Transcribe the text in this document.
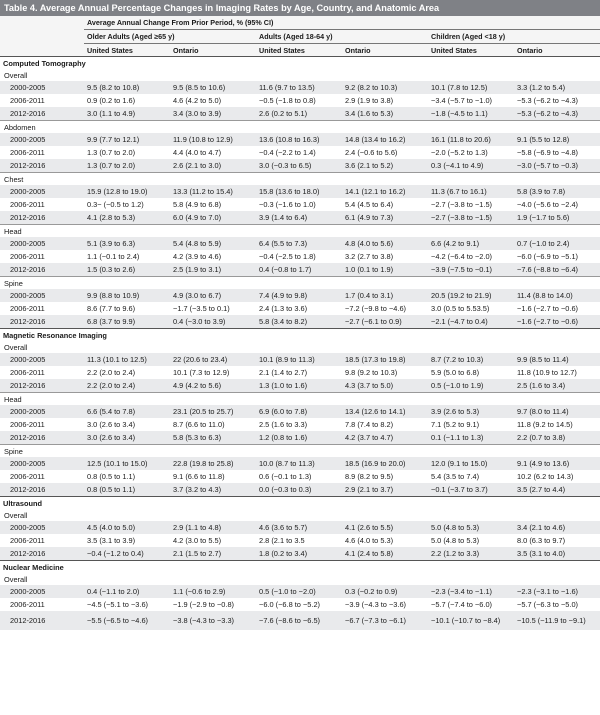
Table 4. Average Annual Percentage Changes in Imaging Rates by Age, Country, and Anatomic Area
	Average Annual Change From Prior Period, % (95% CI)					
	Older Adults (Aged ≥65 y)		Adults (Aged 18-64 y)		Children (Aged <18 y)	
	United States	Ontario	United States	Ontario	United States	Ontario
Computed Tomography						
Overall						
2000-2005	9.5 (8.2 to 10.8)	9.5 (8.5 to 10.6)	11.6 (9.7 to 13.5)	9.2 (8.2 to 10.3)	10.1 (7.8 to 12.5)	3.3 (1.2 to 5.4)
2006-2011	0.9 (0.2 to 1.6)	4.6 (4.2 to 5.0)	−0.5 (−1.8 to 0.8)	2.9 (1.9 to 3.8)	−3.4 (−5.7 to −1.0)	−5.3 (−6.2 to −4.3)
2012-2016	3.0 (1.1 to 4.9)	3.4 (3.0 to 3.9)	2.6 (0.2 to 5.1)	3.4 (1.6 to 5.3)	−1.8 (−4.5 to 1.1)	−5.3 (−6.2 to −4.3)
Abdomen						
2000-2005	9.9 (7.7 to 12.1)	11.9 (10.8 to 12.9)	13.6 (10.8 to 16.3)	14.8 (13.4 to 16.2)	16.1 (11.8 to 20.6)	9.1 (5.5 to 12.8)
2006-2011	1.3 (0.7 to 2.0)	4.4 (4.0 to 4.7)	−0.4 (−2.2 to 1.4)	2.4 (−0.6 to 5.6)	−2.0 (−5.2 to 1.3)	−5.8 (−6.9 to −4.8)
2012-2016	1.3 (0.7 to 2.0)	2.6 (2.1 to 3.0)	3.0 (−0.3 to 6.5)	3.6 (2.1 to 5.2)	0.3 (−4.1 to 4.9)	−3.0 (−5.7 to −0.3)
Chest						
2000-2005	15.9 (12.8 to 19.0)	13.3 (11.2 to 15.4)	15.8 (13.6 to 18.0)	14.1 (12.1 to 16.2)	11.3 (6.7 to 16.1)	5.8 (3.9 to 7.8)
2006-2011	0.3− (−0.5 to 1.2)	5.8 (4.9 to 6.8)	−0.3 (−1.6 to 1.0)	5.4 (4.5 to 6.4)	−2.7 (−3.8 to −1.5)	−4.0 (−5.6 to −2.4)
2012-2016	4.1 (2.8 to 5.3)	6.0 (4.9 to 7.0)	3.9 (1.4 to 6.4)	6.1 (4.9 to 7.3)	−2.7 (−3.8 to −1.5)	1.9 (−1.7 to 5.6)
Head						
2000-2005	5.1 (3.9 to 6.3)	5.4 (4.8 to 5.9)	6.4 (5.5 to 7.3)	4.8 (4.0 to 5.6)	6.6 (4.2 to 9.1)	0.7 (−1.0 to 2.4)
2006-2011	1.1 (−0.1 to 2.4)	4.2 (3.9 to 4.6)	−0.4 (−2.5 to 1.8)	3.2 (2.7 to 3.8)	−4.2 (−6.4 to −2.0)	−6.0 (−6.9 to −5.1)
2012-2016	1.5 (0.3 to 2.6)	2.5 (1.9 to 3.1)	0.4 (−0.8 to 1.7)	1.0 (0.1 to 1.9)	−3.9 (−7.5 to −0.1)	−7.6 (−8.8 to −6.4)
Spine						
2000-2005	9.9 (8.8 to 10.9)	4.9 (3.0 to 6.7)	7.4 (4.9 to 9.8)	1.7 (0.4 to 3.1)	20.5 (19.2 to 21.9)	11.4 (8.8 to 14.0)
2006-2011	8.6 (7.7 to 9.6)	−1.7 (−3.5 to 0.1)	2.4 (1.3 to 3.6)	−7.2 (−9.8 to −4.6)	3.0 (0.5 to 5.53.5)	−1.6 (−2.7 to −0.6)
2012-2016	6.8 (3.7 to 9.9)	0.4 (−3.0 to 3.9)	5.8 (3.4 to 8.2)	−2.7 (−6.1 to 0.9)	−2.1 (−4.7 to 0.4)	−1.6 (−2.7 to −0.6)
Magnetic Resonance Imaging						
Overall						
2000-2005	11.3 (10.1 to 12.5)	22 (20.6 to 23.4)	10.1 (8.9 to 11.3)	18.5 (17.3 to 19.8)	8.7 (7.2 to 10.3)	9.9 (8.5 to 11.4)
2006-2011	2.2 (2.0 to 2.4)	10.1 (7.3 to 12.9)	2.1 (1.4 to 2.7)	9.8 (9.2 to 10.3)	5.9 (5.0 to 6.8)	11.8 (10.9 to 12.7)
2012-2016	2.2 (2.0 to 2.4)	4.9 (4.2 to 5.6)	1.3 (1.0 to 1.6)	4.3 (3.7 to 5.0)	0.5 (−1.0 to 1.9)	2.5 (1.6 to 3.4)
Head						
2000-2005	6.6 (5.4 to 7.8)	23.1 (20.5 to 25.7)	6.9 (6.0 to 7.8)	13.4 (12.6 to 14.1)	3.9 (2.6 to 5.3)	9.7 (8.0 to 11.4)
2006-2011	3.0 (2.6 to 3.4)	8.7 (6.6 to 11.0)	2.5 (1.6 to 3.3)	7.8 (7.4 to 8.2)	7.1 (5.2 to 9.1)	11.8 (9.2 to 14.5)
2012-2016	3.0 (2.6 to 3.4)	5.8 (5.3 to 6.3)	1.2 (0.8 to 1.6)	4.2 (3.7 to 4.7)	0.1 (−1.1 to 1.3)	2.2 (0.7 to 3.8)
Spine						
2000-2005	12.5 (10.1 to 15.0)	22.8 (19.8 to 25.8)	10.0 (8.7 to 11.3)	18.5 (16.9 to 20.0)	12.0 (9.1 to 15.0)	9.1 (4.9 to 13.6)
2006-2011	0.8 (0.5 to 1.1)	9.1 (6.6 to 11.8)	0.6 (−0.1 to 1.3)	8.9 (8.2 to 9.5)	5.4 (3.5 to 7.4)	10.2 (6.2 to 14.3)
2012-2016	0.8 (0.5 to 1.1)	3.7 (3.2 to 4.3)	0.0 (−0.3 to 0.3)	2.9 (2.1 to 3.7)	−0.1 (−3.7 to 3.7)	3.5 (2.7 to 4.4)
Ultrasound						
Overall						
2000-2005	4.5 (4.0 to 5.0)	2.9 (1.1 to 4.8)	4.6 (3.6 to 5.7)	4.1 (2.6 to 5.5)	5.0 (4.8 to 5.3)	3.4 (2.1 to 4.6)
2006-2011	3.5 (3.1 to 3.9)	4.2 (3.0 to 5.5)	2.8 (2.1 to 3.5	4.6 (4.0 to 5.3)	5.0 (4.8 to 5.3)	8.0 (6.3 to 9.7)
2012-2016	−0.4 (−1.2 to 0.4)	2.1 (1.5 to 2.7)	1.8 (0.2 to 3.4)	4.1 (2.4 to 5.8)	2.2 (1.2 to 3.3)	3.5 (3.1 to 4.0)
Nuclear Medicine						
Overall						
2000-2005	0.4 (−1.1 to 2.0)	1.1 (−0.6 to 2.9)	0.5 (−1.0 to −2.0)	0.3 (−0.2 to 0.9)	−2.3 (−3.4 to −1.1)	−2.3 (−3.1 to −1.6)
2006-2011	−4.5 (−5.1 to −3.6)	−1.9 (−2.9 to −0.8)	−6.0 (−6.8 to −5.2)	−3.9 (−4.3 to −3.6)	−5.7 (−7.4 to −6.0)	−5.7 (−6.3 to −5.0)
2012-2016	−5.5 (−6.5 to −4.6)	−3.8 (−4.3 to −3.3)	−7.6 (−8.6 to −6.5)	−6.7 (−7.3 to −6.1)	−10.1 (−10.7 to −8.4)	−10.5 (−11.9 to −9.1)
